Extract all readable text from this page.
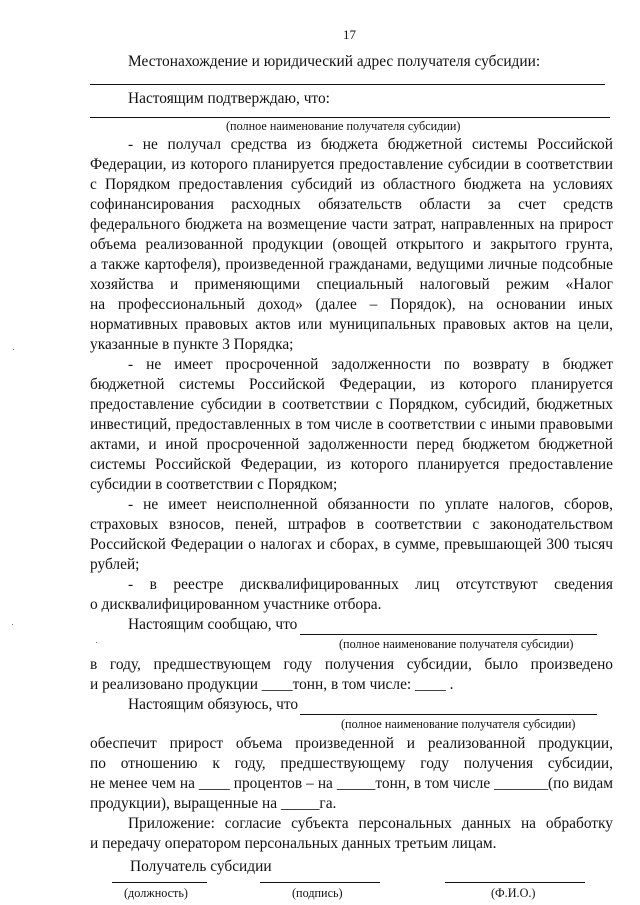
17
Местонахождение и юридический адрес получателя субсидии:
Настоящим подтверждаю, что:
(полное наименование получателя субсидии)
- не получал средства из бюджета бюджетной системы Российской
Федерации, из которого планируется предоставление субсидии в соответствии
с Порядком предоставления субсидий из областного бюджета на условиях
софинансирования расходных обязательств области за счет средств
федерального бюджета на возмещение части затрат, направленных на прирост
объема реализованной продукции (овощей открытого и закрытого грунта,
а также картофеля), произведенной гражданами, ведущими личные подсобные
хозяйства и применяющими специальный налоговый режим «Налог
на профессиональный доход» (далее – Порядок), на основании иных
нормативных правовых актов или муниципальных правовых актов на цели,
указанные в пункте 3 Порядка;
- не имеет просроченной задолженности по возврату в бюджет
бюджетной системы Российской Федерации, из которого планируется
предоставление субсидии в соответствии с Порядком, субсидий, бюджетных
инвестиций, предоставленных в том числе в соответствии с иными правовыми
актами, и иной просроченной задолженности перед бюджетом бюджетной
системы Российской Федерации, из которого планируется предоставление
субсидии в соответствии с Порядком;
- не имеет неисполненной обязанности по уплате налогов, сборов,
страховых взносов, пеней, штрафов в соответствии с законодательством
Российской Федерации о налогах и сборах, в сумме, превышающей 300 тысяч
рублей;
- в реестре дисквалифицированных лиц отсутствуют сведения
о дисквалифицированном участнике отбора.
Настоящим сообщаю, что
(полное наименование получателя субсидии)
в году, предшествующем году получения субсидии, было произведено
и реализовано продукции ____тонн, в том числе: ____ .
Настоящим обязуюсь, что
(полное наименование получателя субсидии)
обеспечит прирост объема произведенной и реализованной продукции,
по отношению к году, предшествующему году получения субсидии,
не менее чем на ____ процентов – на _____тонн, в том числе _______(по видам
продукции), выращенные на _____га.
Приложение: согласие субъекта персональных данных на обработку
и передачу оператором персональных данных третьим лицам.
Получатель субсидии
(должность)	(подпись)	(Ф.И.О.)
